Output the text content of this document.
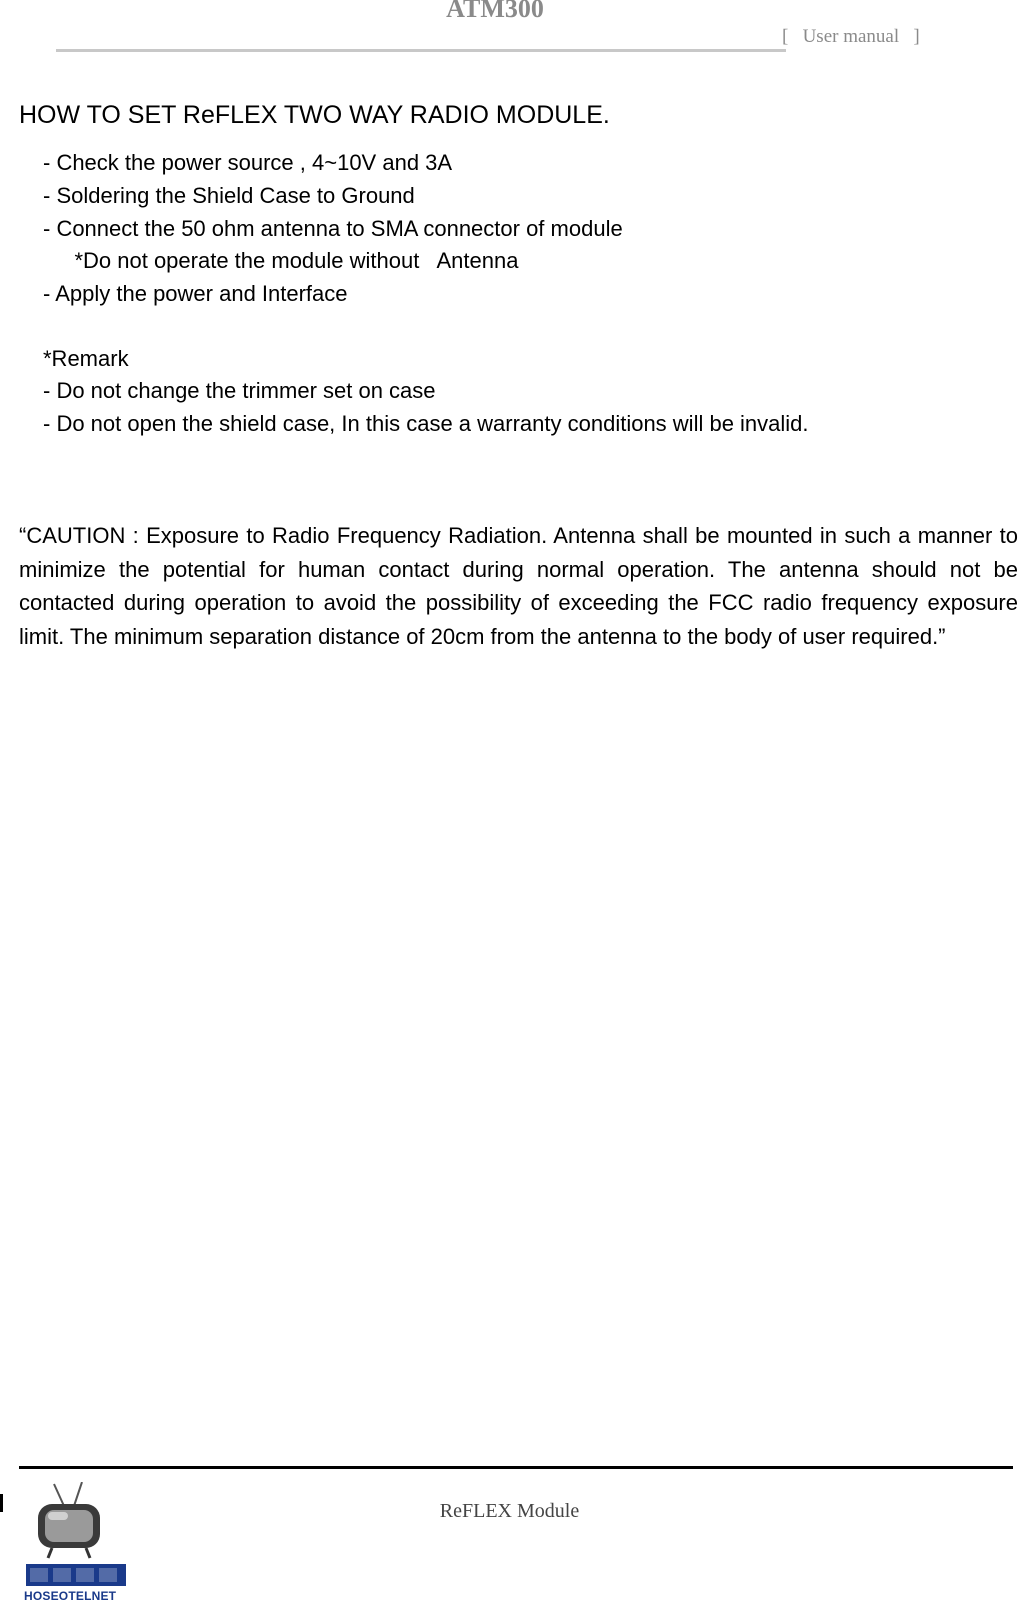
ATM300
[   User manual   ]
HOW TO SET ReFLEX TWO WAY RADIO MODULE.
- Check the power source , 4~10V and 3A
- Soldering the Shield Case to Ground
- Connect the 50 ohm antenna to SMA connector of module
*Do not operate the module without   Antenna
- Apply the power and Interface
*Remark
- Do not change the trimmer set on case
- Do not open the shield case, In this case a warranty conditions will be invalid.

“CAUTION : Exposure to Radio Frequency Radiation. Antenna shall be mounted in such a manner to minimize the potential for human contact during normal operation. The antenna should not be contacted during operation to avoid the possibility of exceeding the FCC radio frequency exposure limit. The minimum separation distance of 20cm from the antenna to the body of user required.”

ReFLEX Module
HOSEOTELNET
